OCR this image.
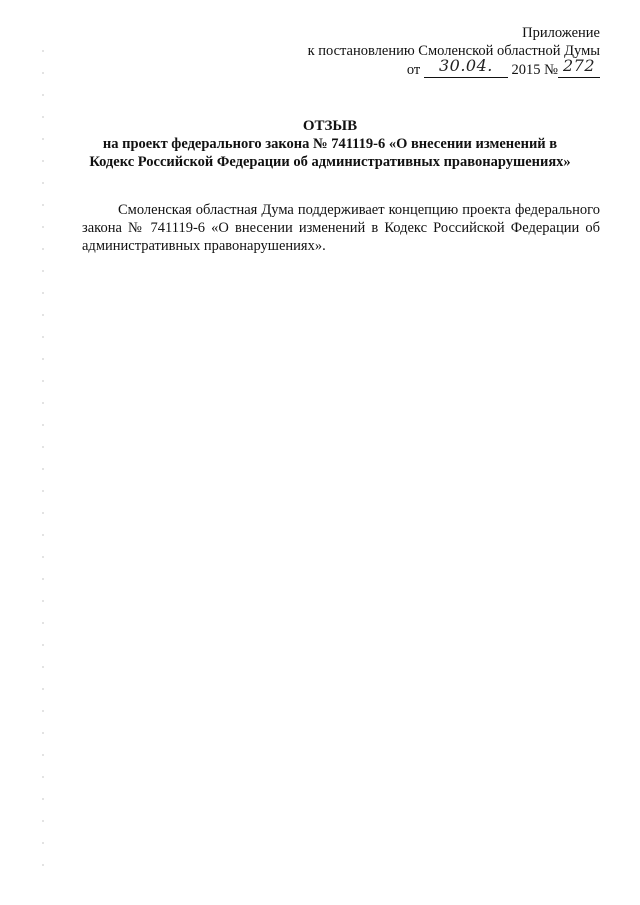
Приложение
к постановлению Смоленской областной Думы
от 30.04. 2015 № 272
ОТЗЫВ
на проект федерального закона № 741119-6 «О внесении изменений в
Кодекс Российской Федерации об административных правонарушениях»
Смоленская областная Дума поддерживает концепцию проекта федерального закона № 741119-6 «О внесении изменений в Кодекс Российской Федерации об административных правонарушениях».
